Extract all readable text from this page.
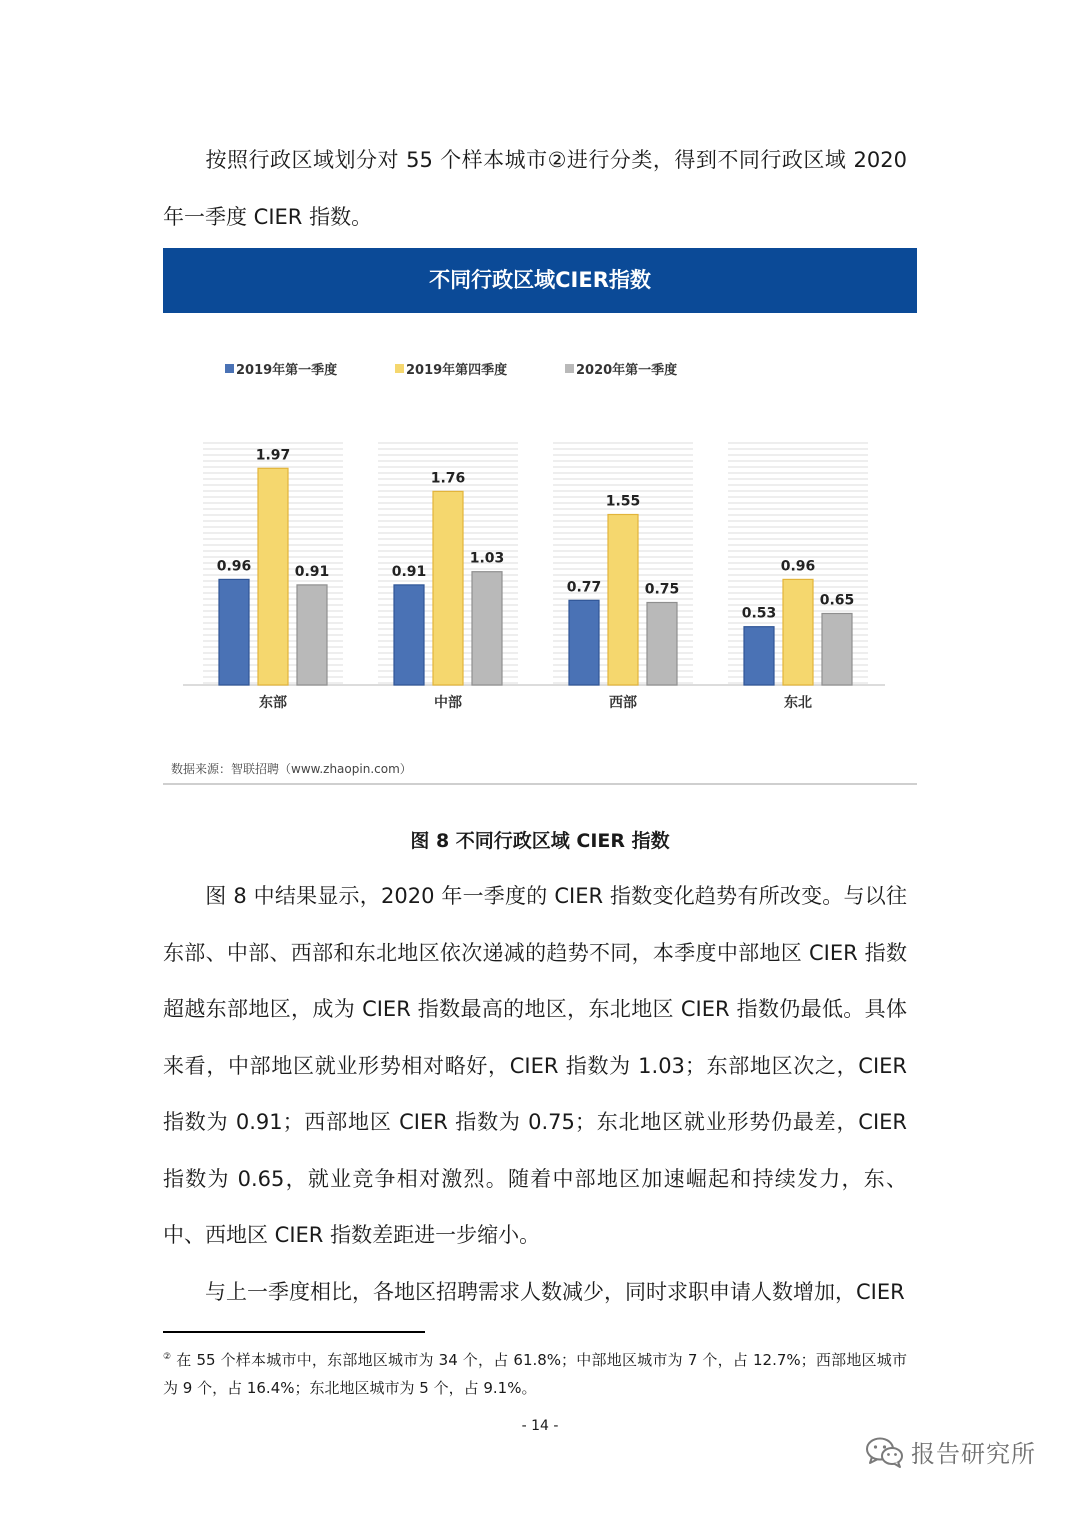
按照行政区域划分对 55 个样本城市②进行分类，得到不同行政区域 2020 年一季度 CIER 指数。

不同行政区域CIER指数
2019年第一季度	2019年第四季度	2020年第一季度
0.96
1.97
0.91
东部
0.91
1.76
1.03
中部
0.77
1.55
0.75
西部
0.53
0.96
0.65
东北
数据来源：智联招聘（www.zhaopin.com）
图 8 不同行政区域 CIER 指数

图 8 中结果显示，2020 年一季度的 CIER 指数变化趋势有所改变。与以往东部、中部、西部和东北地区依次递减的趋势不同，本季度中部地区 CIER 指数超越东部地区，成为 CIER 指数最高的地区，东北地区 CIER 指数仍最低。具体来看，中部地区就业形势相对略好，CIER 指数为 1.03；东部地区次之，CIER 指数为 0.91；西部地区 CIER 指数为 0.75；东北地区就业形势仍最差，CIER 指数为 0.65，就业竞争相对激烈。随着中部地区加速崛起和持续发力，东、中、西地区 CIER 指数差距进一步缩小。

与上一季度相比，各地区招聘需求人数减少，同时求职申请人数增加，CIER

② 在 55 个样本城市中，东部地区城市为 34 个，占 61.8%；中部地区城市为 7 个，占 12.7%；西部地区城市为 9 个，占 16.4%；东北地区城市为 5 个，占 9.1%。

- 14 -
报告研究所
